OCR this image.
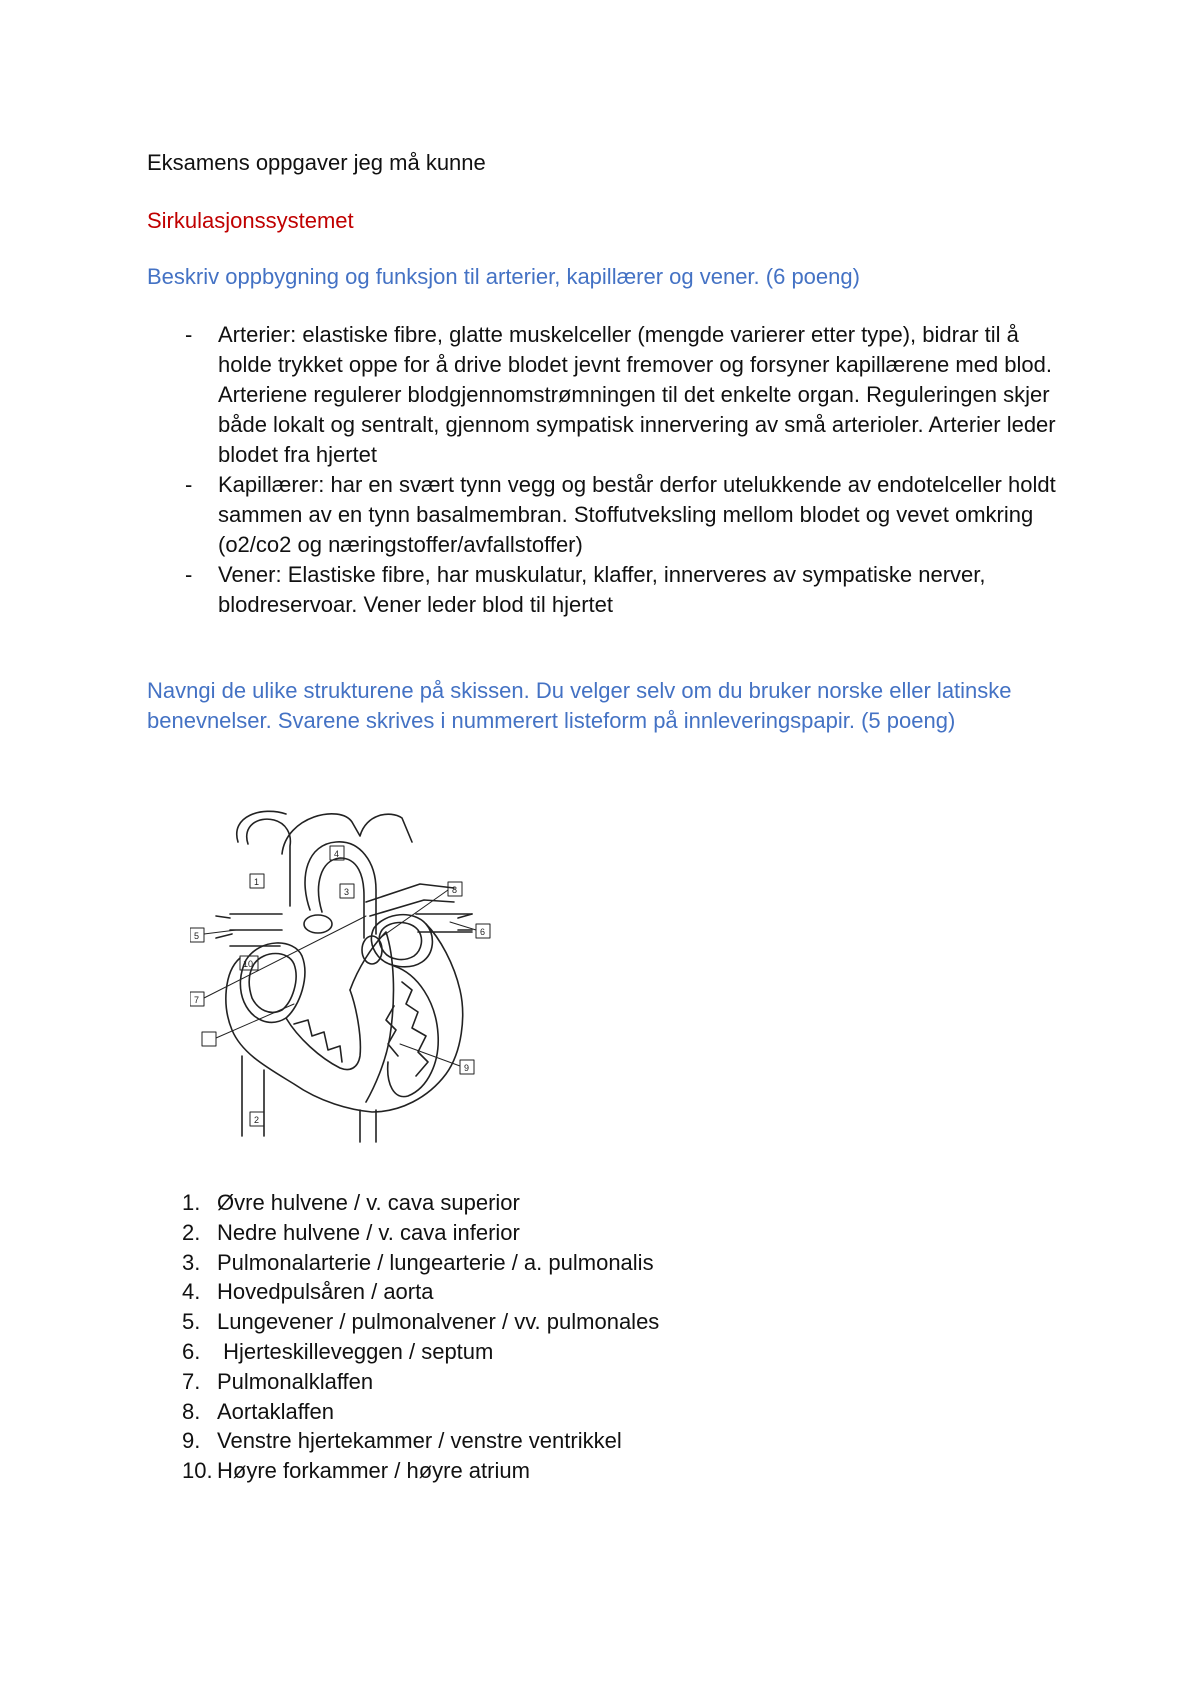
Eksamens oppgaver jeg må kunne
Sirkulasjonssystemet
Beskriv oppbygning og funksjon til arterier, kapillærer og vener. (6 poeng)
- Arterier: elastiske fibre, glatte muskelceller (mengde varierer etter type), bidrar til å holde trykket oppe for å drive blodet jevnt fremover og forsyner kapillærene med blod. Arteriene regulerer blodgjennomstrømningen til det enkelte organ. Reguleringen skjer både lokalt og sentralt, gjennom sympatisk innervering av små arterioler. Arterier leder blodet fra hjertet
- Kapillærer: har en svært tynn vegg og består derfor utelukkende av endotelceller holdt sammen av en tynn basalmembran. Stoffutveksling mellom blodet og vevet omkring (o2/co2 og næringstoffer/avfallstoffer)
- Vener: Elastiske fibre, har muskulatur, klaffer, innerveres av sympatiske nerver, blodreservoar. Vener leder blod til hjertet
Navngi de ulike strukturene på skissen. Du velger selv om du bruker norske eller latinske benevnelser. Svarene skrives i nummerert listeform på innleveringspapir. (5 poeng)
1
2
3
4
5	6
7
8
9
10
1. Øvre hulvene / v. cava superior
2. Nedre hulvene / v. cava inferior
3. Pulmonalarterie / lungearterie / a. pulmonalis
4. Hovedpulsåren / aorta
5. Lungevener / pulmonalvener / vv. pulmonales
6. Hjerteskilleveggen / septum
7. Pulmonalklaffen
8. Aortaklaffen
9. Venstre hjertekammer / venstre ventrikkel
10. Høyre forkammer / høyre atrium
